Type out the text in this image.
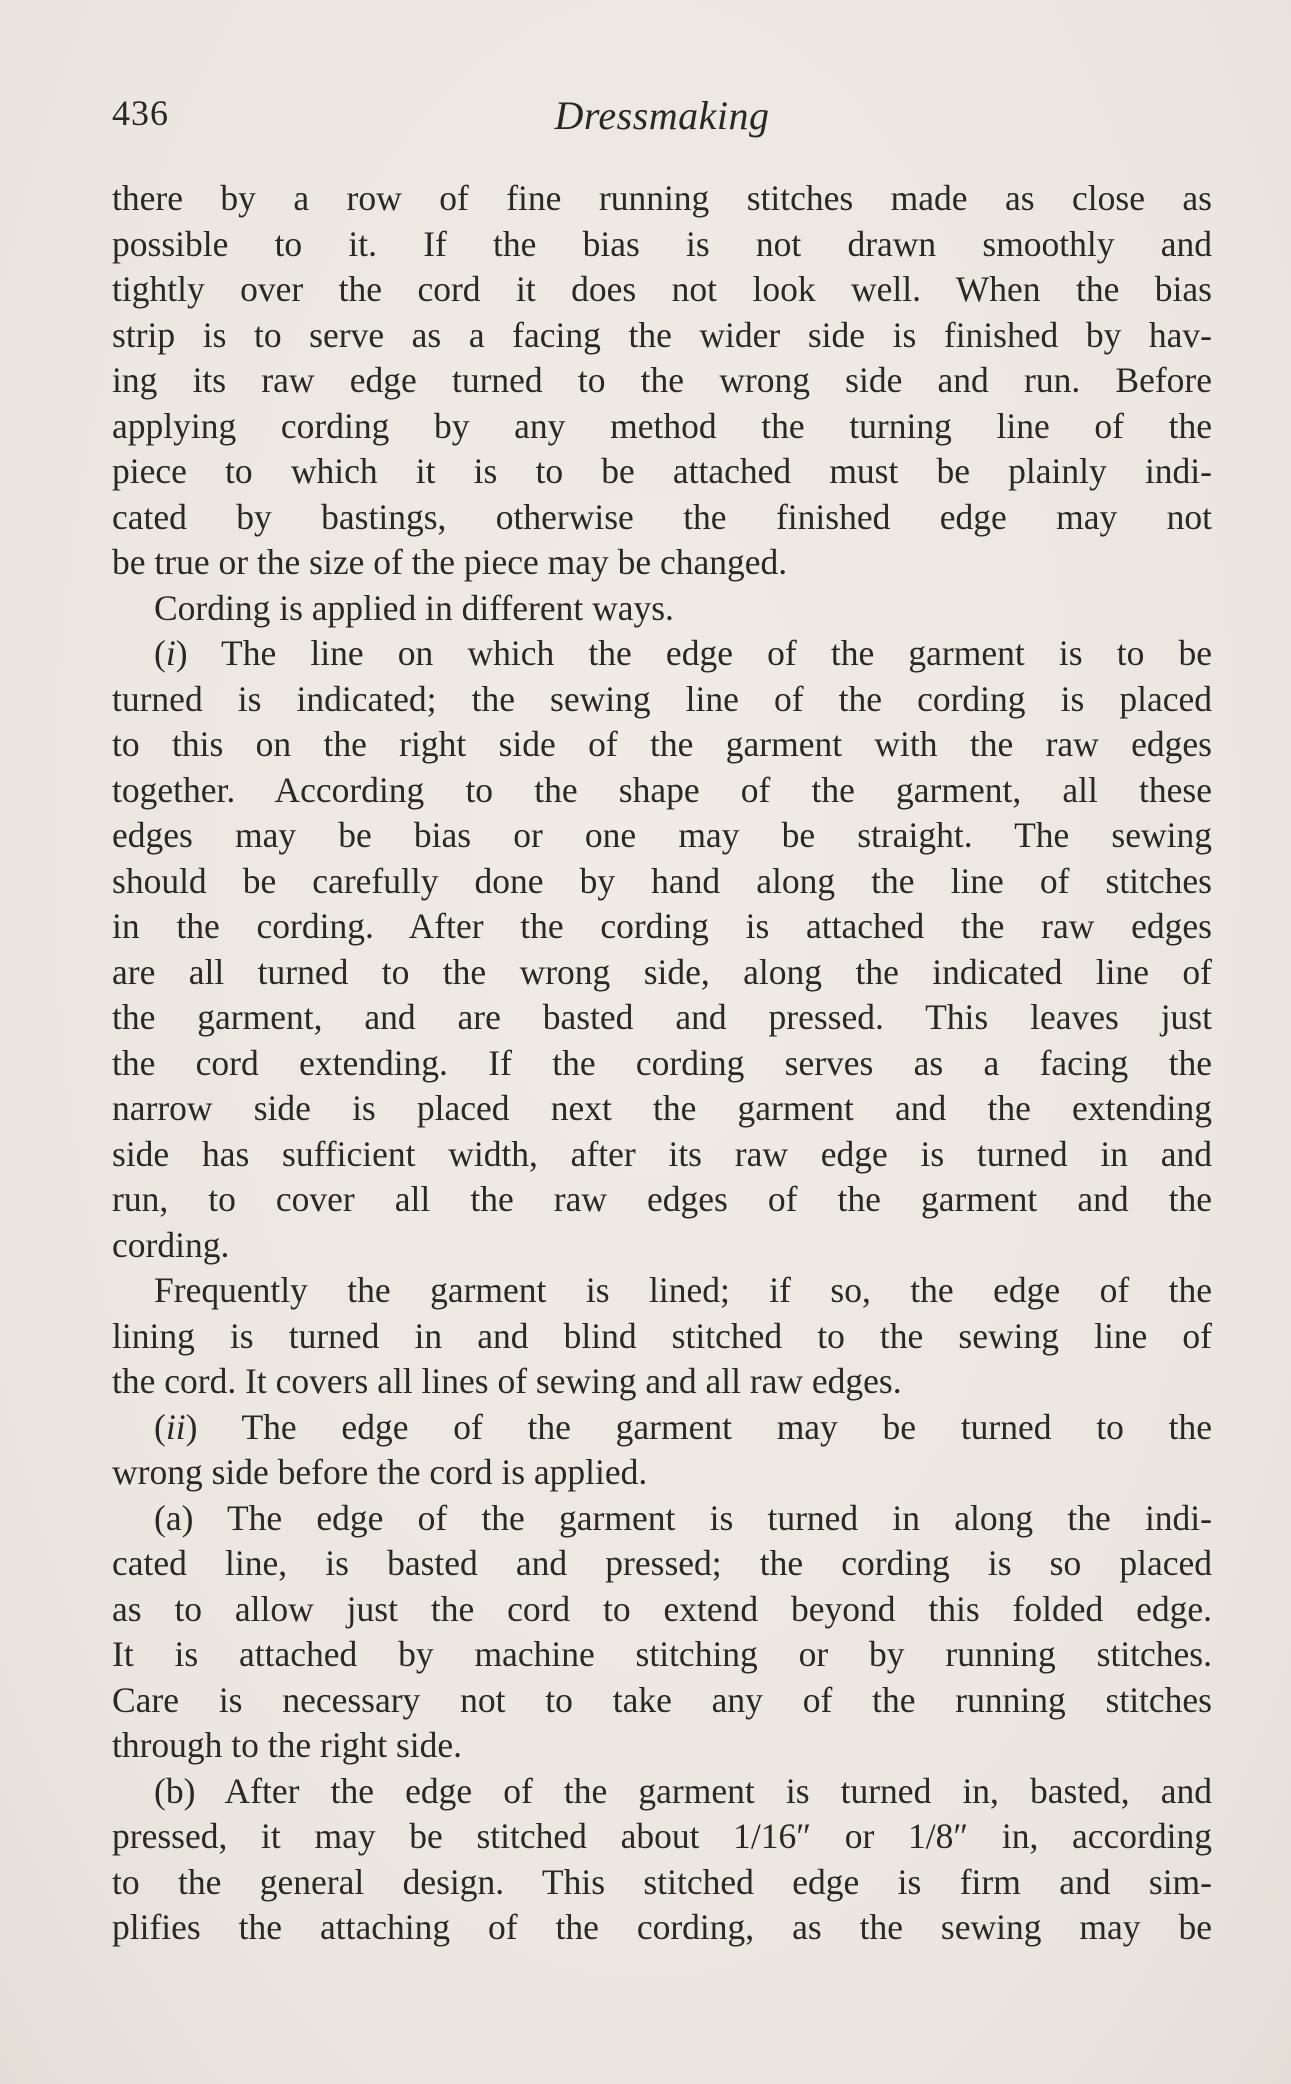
436	Dressmaking
there by a row of fine running stitches made as close as
possible to it. If the bias is not drawn smoothly and
tightly over the cord it does not look well. When the bias
strip is to serve as a facing the wider side is finished by hav-
ing its raw edge turned to the wrong side and run. Before
applying cording by any method the turning line of the
piece to which it is to be attached must be plainly indi-
cated by bastings, otherwise the finished edge may not
be true or the size of the piece may be changed.
Cording is applied in different ways.
(i) The line on which the edge of the garment is to be
turned is indicated; the sewing line of the cording is placed
to this on the right side of the garment with the raw edges
together. According to the shape of the garment, all these
edges may be bias or one may be straight. The sewing
should be carefully done by hand along the line of stitches
in the cording. After the cording is attached the raw edges
are all turned to the wrong side, along the indicated line of
the garment, and are basted and pressed. This leaves just
the cord extending. If the cording serves as a facing the
narrow side is placed next the garment and the extending
side has sufficient width, after its raw edge is turned in and
run, to cover all the raw edges of the garment and the
cording.
Frequently the garment is lined; if so, the edge of the
lining is turned in and blind stitched to the sewing line of
the cord. It covers all lines of sewing and all raw edges.
(ii) The edge of the garment may be turned to the
wrong side before the cord is applied.
(a) The edge of the garment is turned in along the indi-
cated line, is basted and pressed; the cording is so placed
as to allow just the cord to extend beyond this folded edge.
It is attached by machine stitching or by running stitches.
Care is necessary not to take any of the running stitches
through to the right side.
(b) After the edge of the garment is turned in, basted, and
pressed, it may be stitched about 1/16″ or 1/8″ in, according
to the general design. This stitched edge is firm and sim-
plifies the attaching of the cording, as the sewing may be
